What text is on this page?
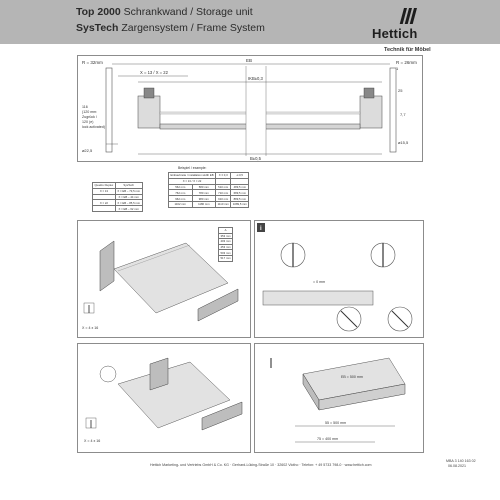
Top 2000 Schrankwand / Storage unit
SysTech Zargensystem / Frame System	Hettich
Technik für Möbel
R = 32mm	R = 26mm
EB
X = 13 / X = 22
IKB±0,3
B±0,5
116
(120 mm:
Zugrück /
120 (e)
lock activated)
25
7,7
⌀22,5
⌀15,5
1
Quadro Duplex	SysTech
X = 13	X = EB – 73,5 mm
	X = EB – 44 mm
X = 22	X = EB – 85,5 mm
	X = EB – 62 mm
Beispiel / example:
Einbaubreite / installation width EB		X ± 0,3	⌀ 0,5
X = 13 / X = 22			
562 mm	580 mm	510 mm	489,5 mm
762 mm	780 mm	710 mm	689,5 mm
962 mm	980 mm	910 mm	889,5 mm
1162 mm	1180 mm	1110 mm	1089,5 mm
X = 4 x 16
A
353 mm
403 mm
453 mm
503 mm
517 mm
i
= 0 mm
X = 4 x 16
EB = 500 mm
55 = 500 mm
75 = 400 mm
Hettich Marketing- und Vertriebs GmbH & Co. KG · Gerhard-Lüking-Straße 10 · 32602 Vlotho · Telefon: + 49 5733 798-0 · www.hettich.com
MBA 3 140 163 02
06.08.2021
